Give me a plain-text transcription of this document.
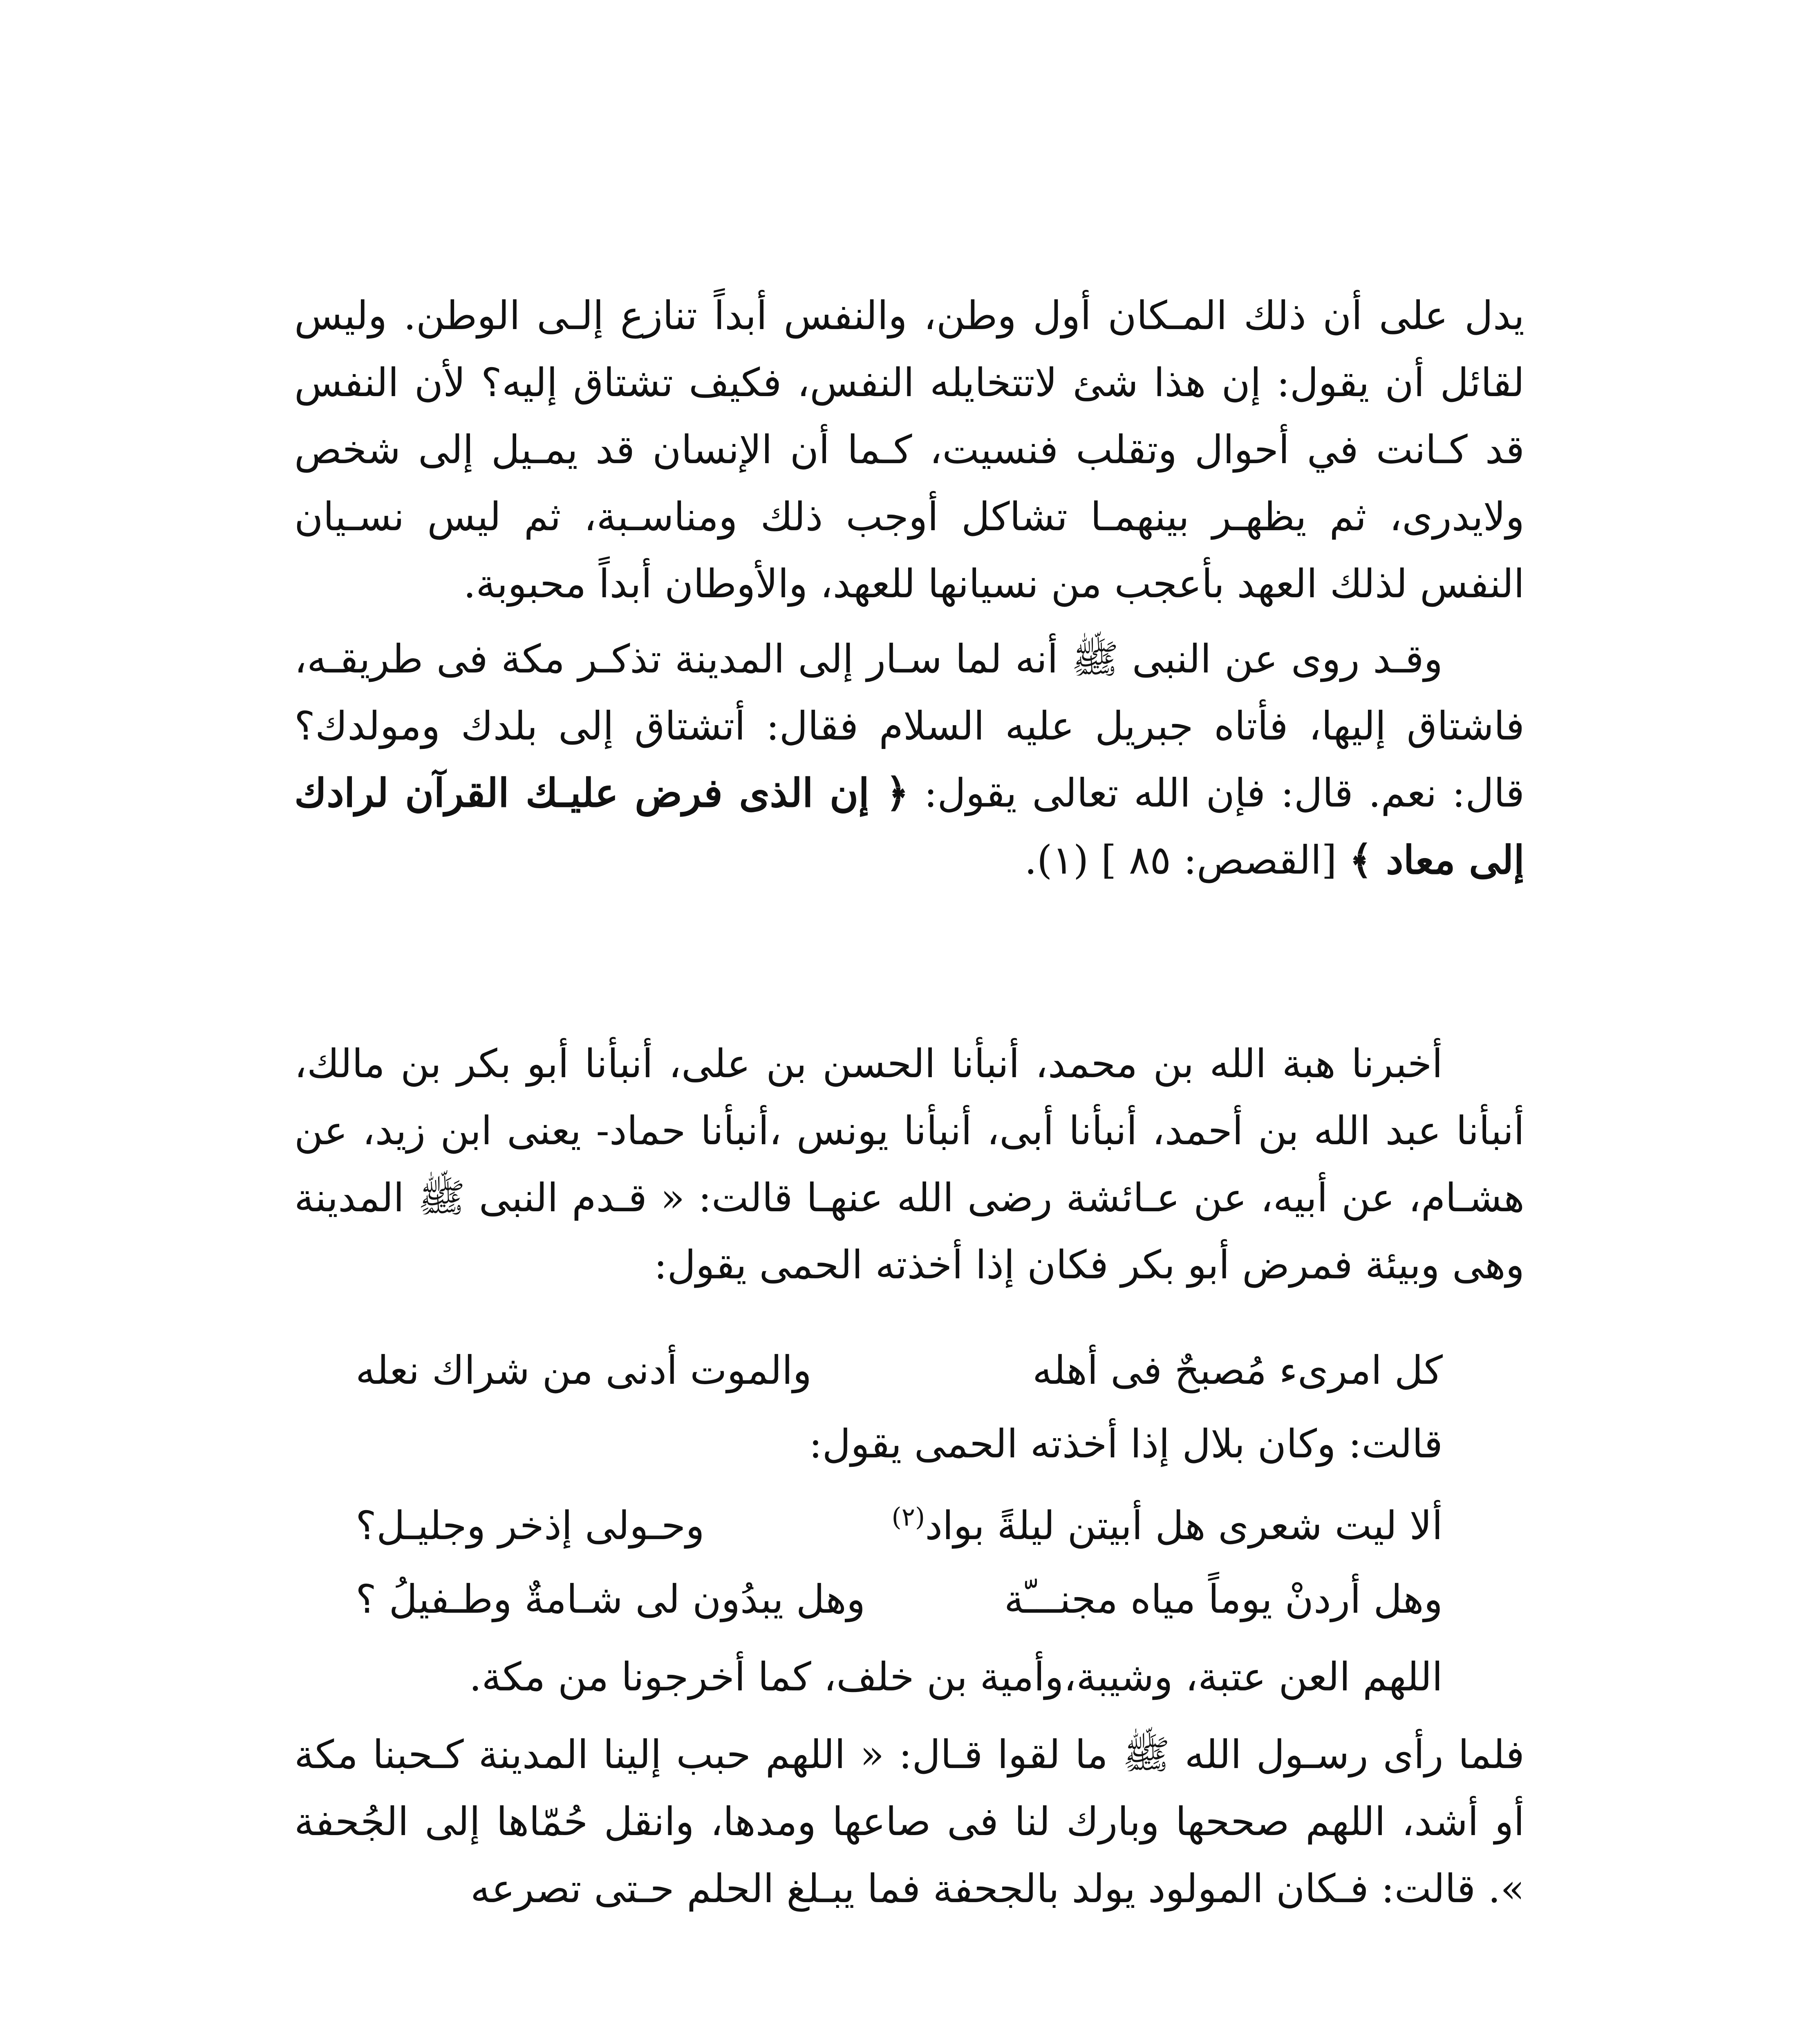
يدل على أن ذلك المـكان أول وطن، والنفس أبداً تنازع إلـى الوطن. وليس لقائل أن يقول: إن هذا شئ لاتتخايله النفس، فكيف تشتاق إليه؟ لأن النفس قد كـانت في أحوال وتقلب فنسيت، كـما أن الإنسان قد يمـيل إلى شخص ولايدرى، ثم يظهـر بينهمـا تشاكل أوجب ذلك ومناسـبة، ثم ليس نسـيان النفس لذلك العهد بأعجب من نسيانها للعهد، والأوطان أبداً محبوبة.

وقـد روى عن النبى ﷺ أنه لما سـار إلى المدينة تذكـر مكة فى طريقـه، فاشتاق إليها، فأتاه جبريل عليه السلام فقال: أتشتاق إلى بلدك ومولدك؟ قال: نعم. قال: فإن الله تعالى يقول: ﴿ إن الذى فرض عليـك القرآن لرادك إلى معاد ﴾ [القصص: ٨٥ ] (١).

أخبرنا هبة الله بن محمد، أنبأنا الحسن بن على، أنبأنا أبو بكر بن مالك، أنبأنا عبد الله بن أحمد، أنبأنا أبى، أنبأنا يونس ،أنبأنا حماد- يعنى ابن زيد، عن هشـام، عن أبيه، عن عـائشة رضى الله عنهـا قالت: « قـدم النبى ﷺ المدينة وهى وبيئة فمرض أبو بكر فكان إذا أخذته الحمى يقول:

كل امرىء مُصبحٌ فى أهله
والموت أدنى من شراك نعله
قالت: وكان بلال إذا أخذته الحمى يقول:
ألا ليت شعرى هل أبيتن ليلةً بواد$^{(٢)}$
وحـولى إذخر وجليـل؟
وهل أردنْ يوماً مياه مجنـــّة
وهل يبدُون لى شـامةٌ وطـفيلُ ؟
اللهم العن عتبة، وشيبة،وأمية بن خلف، كما أخرجونا من مكة.

فلما رأى رسـول الله ﷺ ما لقوا قـال: « اللهم حبب إلينا المدينة كـحبنا مكة أو أشد، اللهم صححها وبارك لنا فى صاعها ومدها، وانقل حُمّاها إلى الجُحفة ». قالت: فـكان المولود يولد بالجحفة فما يبـلغ الحلم حـتى تصرعه
